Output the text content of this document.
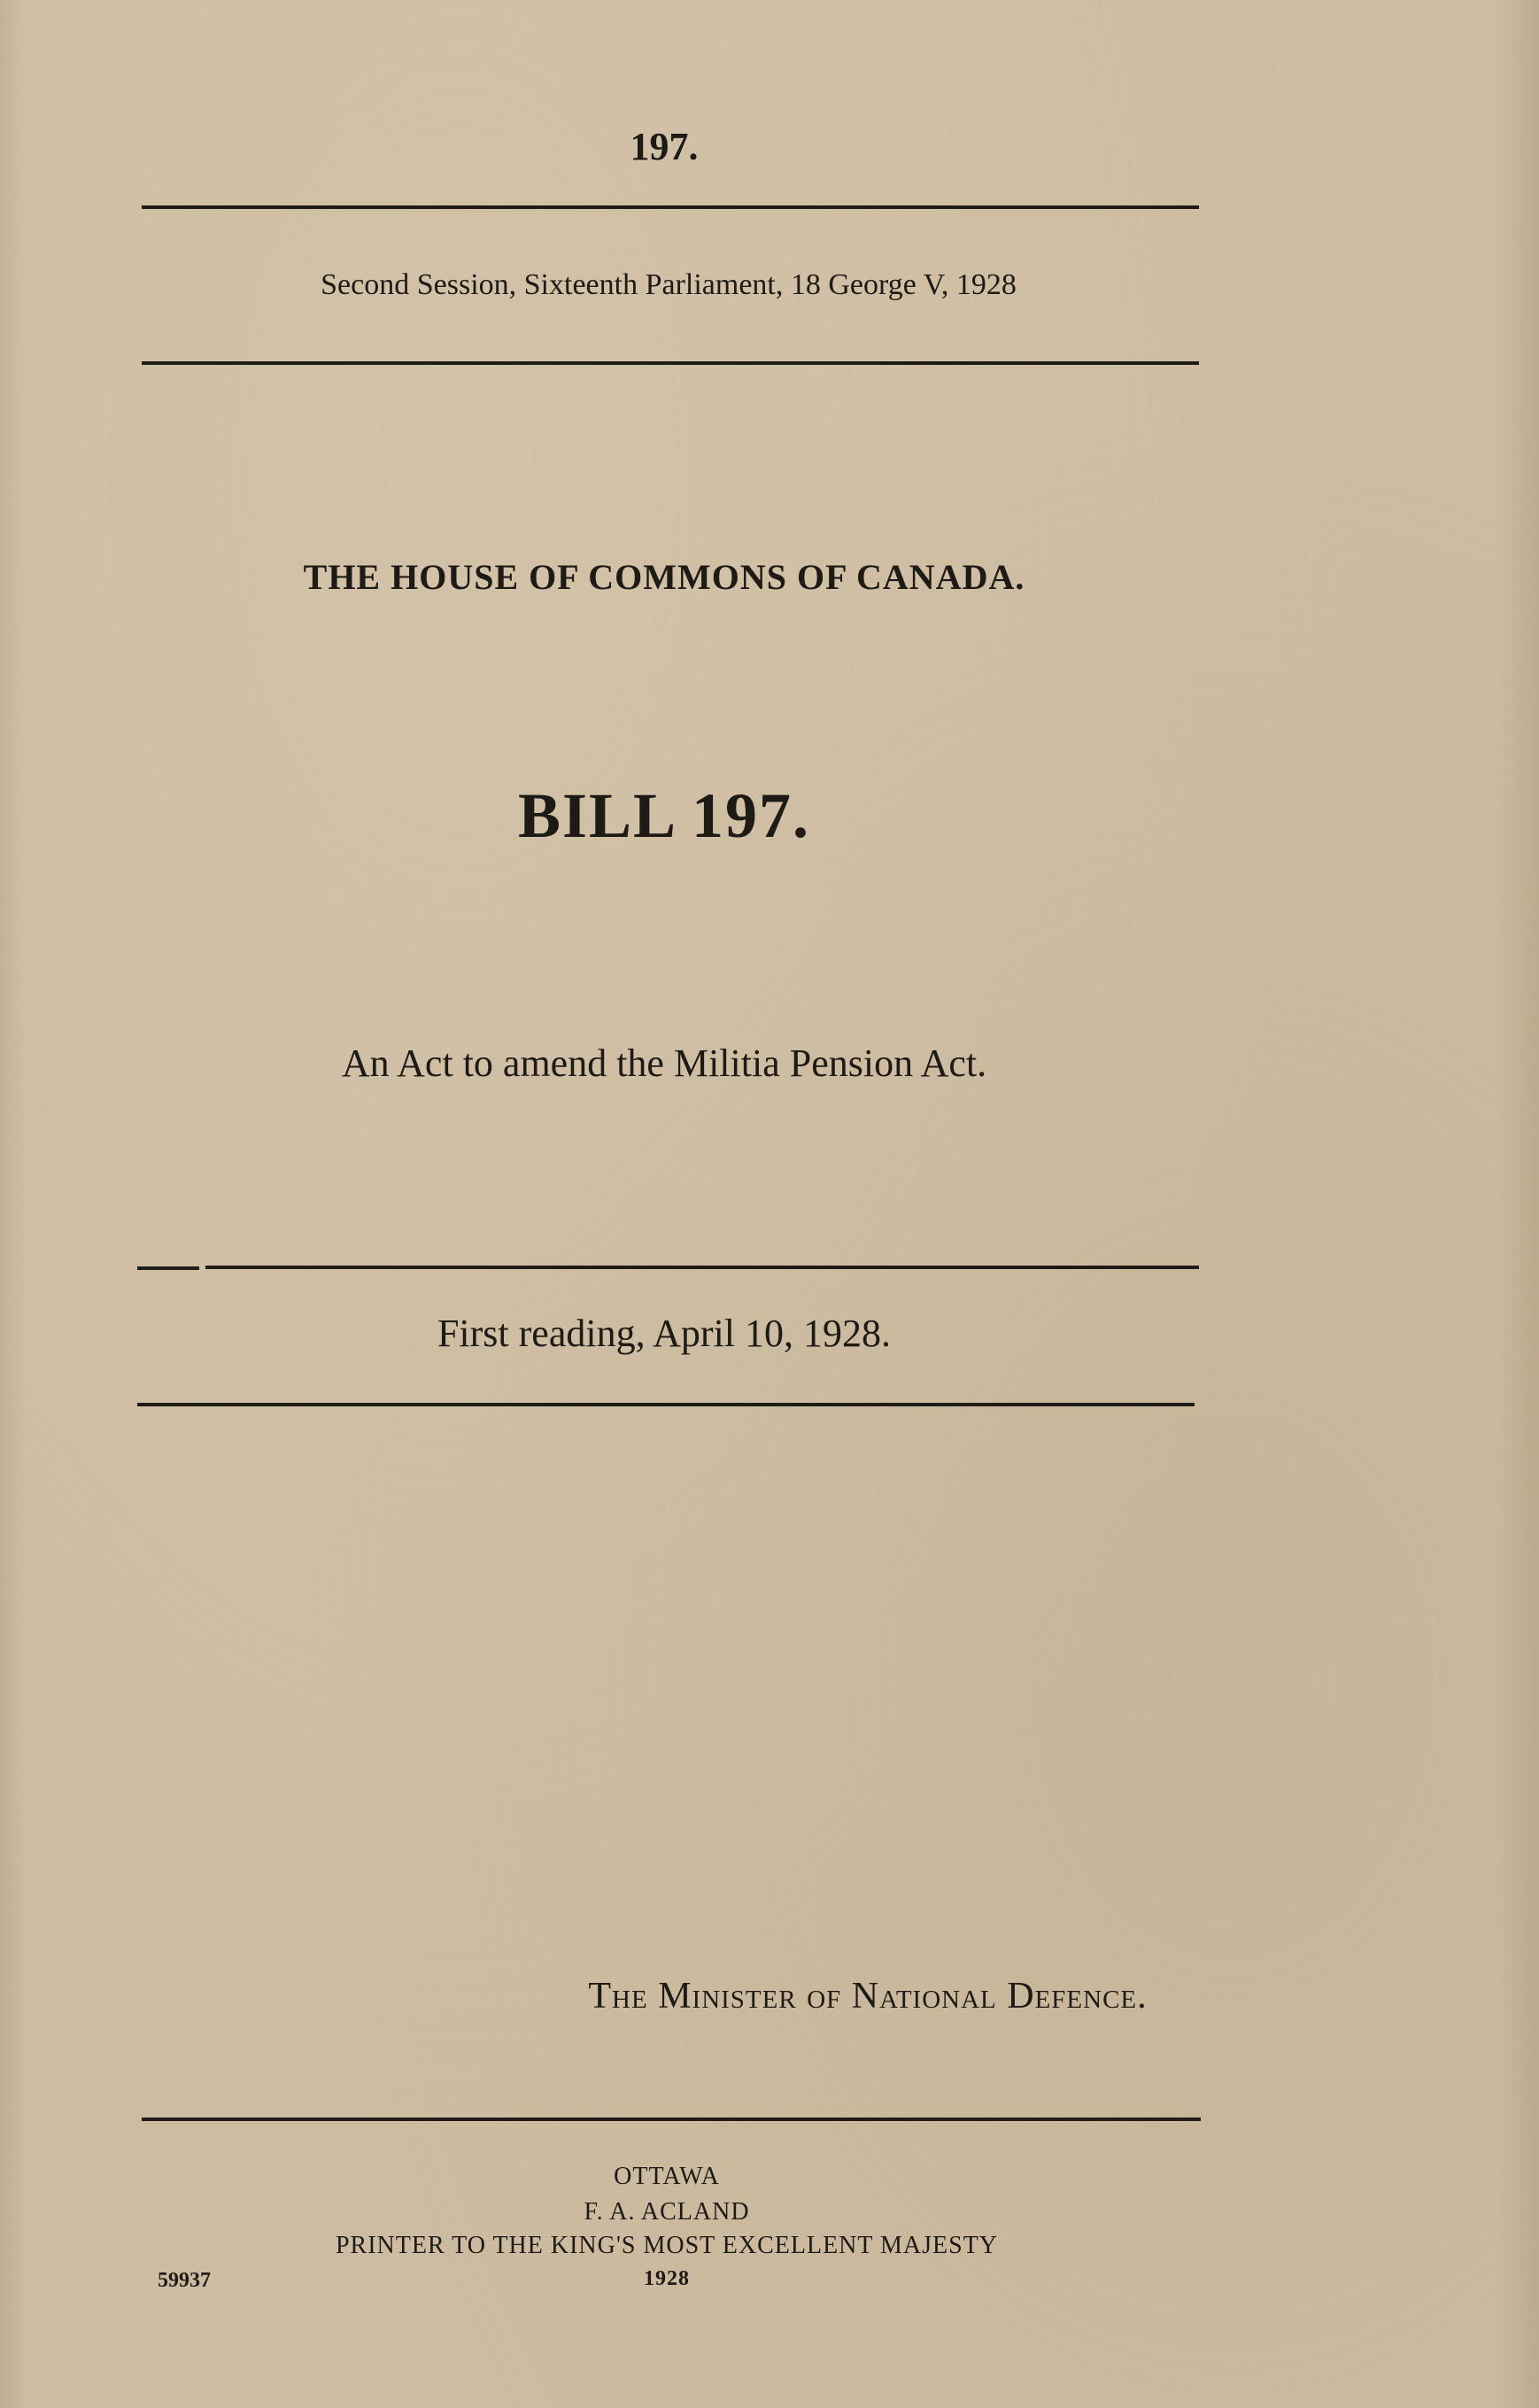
197.
Second Session, Sixteenth Parliament, 18 George V, 1928
THE HOUSE OF COMMONS OF CANADA.
BILL 197.
An Act to amend the Militia Pension Act.
First reading, April 10, 1928.
The Minister of National Defence.
OTTAWA
F. A. ACLAND
PRINTER TO THE KING'S MOST EXCELLENT MAJESTY
1928
59937
